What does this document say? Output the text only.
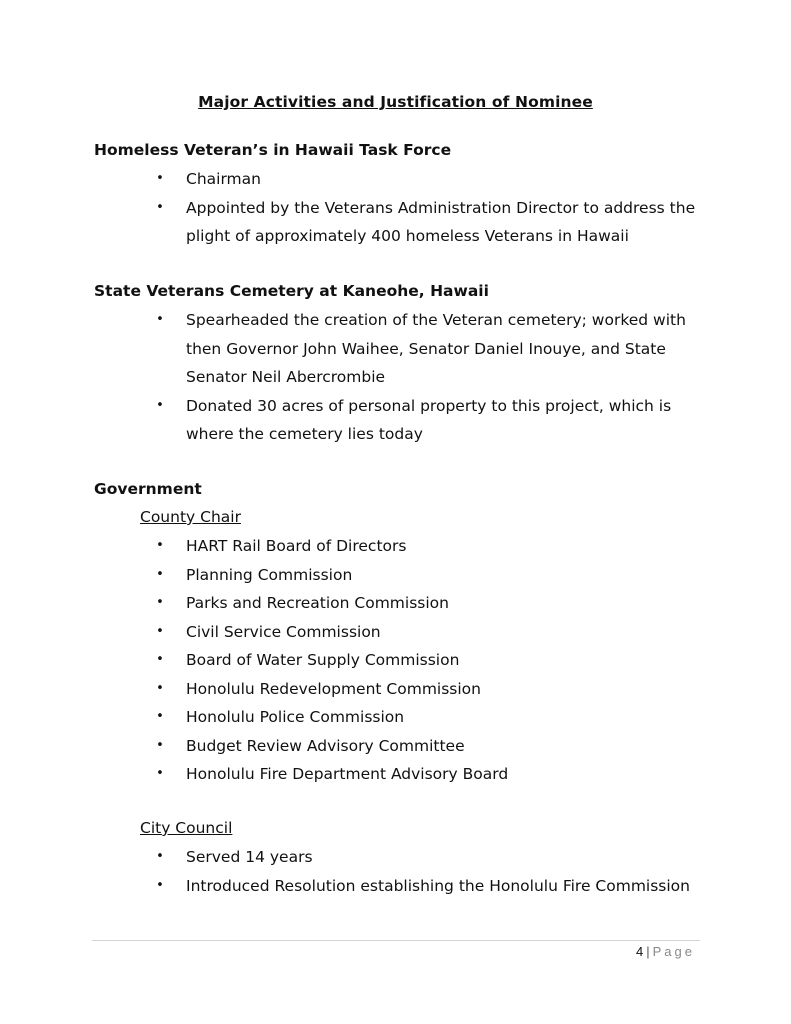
Major Activities and Justification of Nominee
Homeless Veteran’s in Hawaii Task Force
•	Chairman
•	Appointed by the Veterans Administration Director to address the plight of approximately 400 homeless Veterans in Hawaii
State Veterans Cemetery at Kaneohe, Hawaii
•	Spearheaded the creation of the Veteran cemetery; worked with then Governor John Waihee, Senator Daniel Inouye, and State Senator Neil Abercrombie
•	Donated 30 acres of personal property to this project, which is where the cemetery lies today
Government
County Chair
•	HART Rail Board of Directors
•	Planning Commission
•	Parks and Recreation Commission
•	Civil Service Commission
•	Board of Water Supply Commission
•	Honolulu Redevelopment Commission
•	Honolulu Police Commission
•	Budget Review Advisory Committee
•	Honolulu Fire Department Advisory Board
City Council
•	Served 14 years
•	Introduced Resolution establishing the Honolulu Fire Commission
4 | Page
